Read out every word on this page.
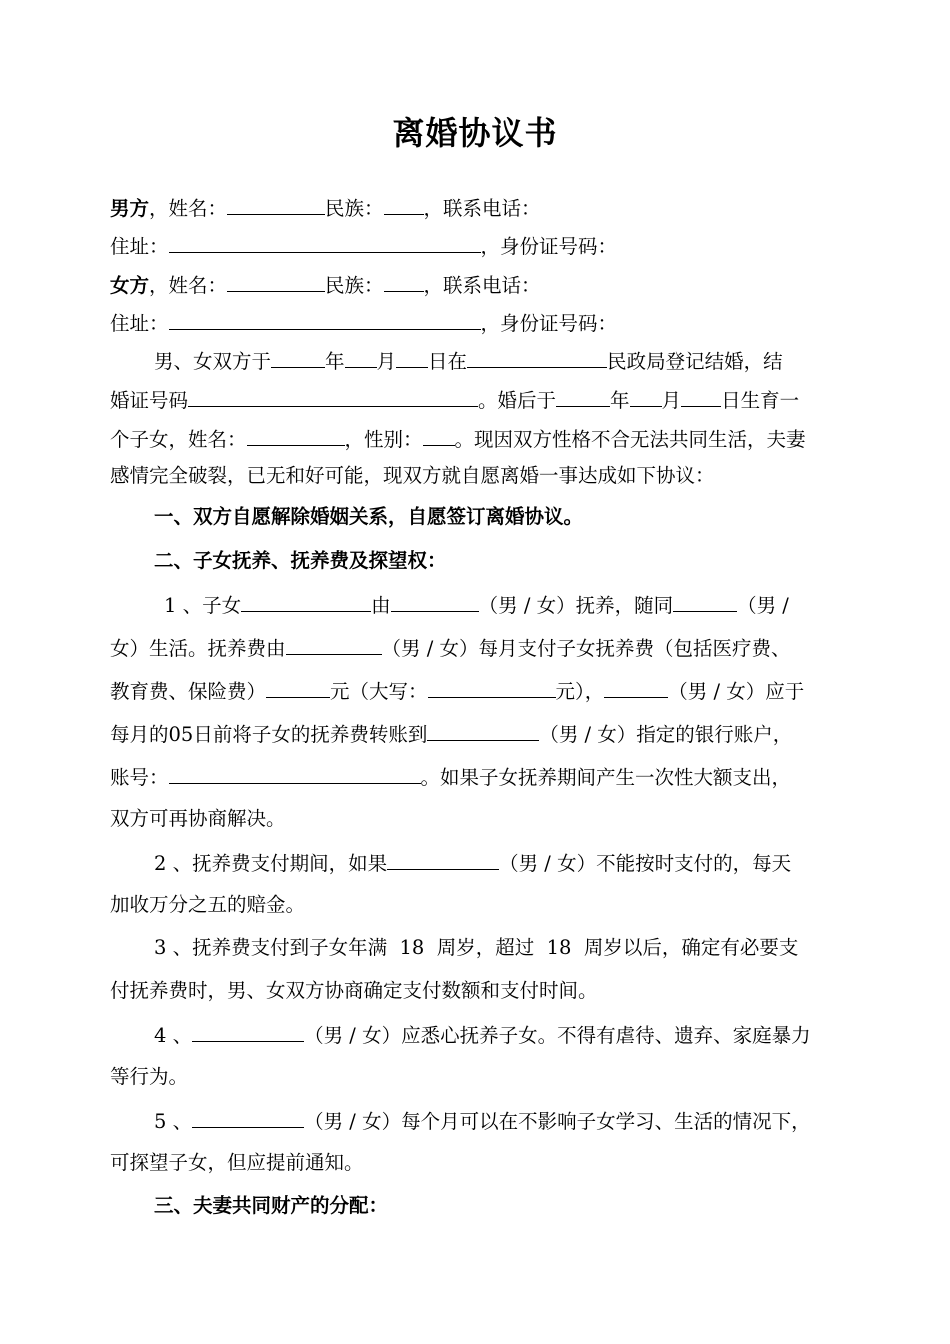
离婚协议书
男方，姓名：	民族： ，联系电话：
住址：	，身份证号码：
女方，姓名：	民族： ，联系电话：
住址：	，身份证号码：
男、女双方于	年 月 日在	民政局登记结婚，结
婚证号码	。婚后于	年 月 日生育一
个子女，姓名：	，性别： 。现因双方性格不合无法共同生活，夫妻
感情完全破裂，已无和好可能，现双方就自愿离婚一事达成如下协议：
一、双方自愿解除婚姻关系，自愿签订离婚协议。
二、子女抚养、抚养费及探望权：
1 、子女	由	（男 / 女）抚养，随同	（男 /
女）生活。抚养费由	（男 / 女）每月支付子女抚养费（包括医疗费、
教育费、保险费）	元（大写：	元），	（男 / 女）应于
每月的05日前将子女的抚养费转账到	（男 / 女）指定的银行账户，
账号：	。如果子女抚养期间产生一次性大额支出，
双方可再协商解决。
2 、抚养费支付期间，如果	（男 / 女）不能按时支付的，每天
加收万分之五的赔金。
3 、抚养费支付到子女年满  18  周岁，超过  18  周岁以后，确定有必要支
付抚养费时，男、女双方协商确定支付数额和支付时间。
4 、	（男 / 女）应悉心抚养子女。不得有虐待、遗弃、家庭暴力
等行为。
5 、	（男 / 女）每个月可以在不影响子女学习、生活的情况下，
可探望子女，但应提前通知。
三、夫妻共同财产的分配：
